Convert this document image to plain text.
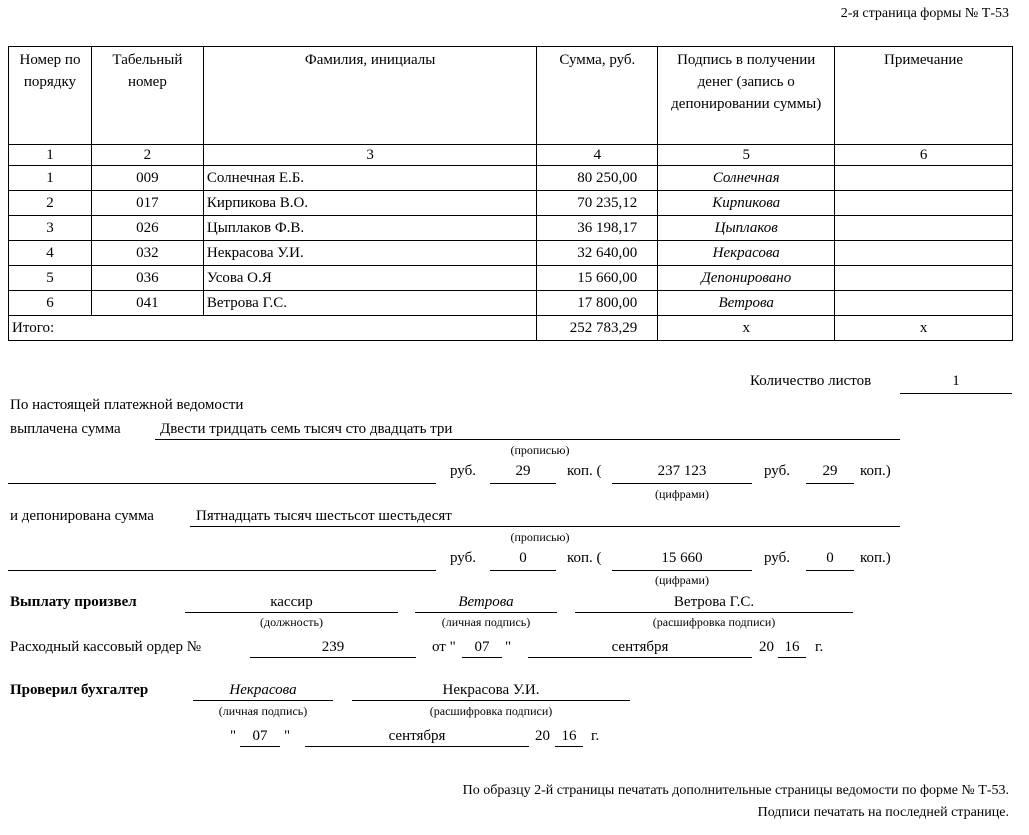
2-я страница формы № Т-53
Номер по порядку	Табельный номер	Фамилия, инициалы	Сумма, руб.	Подпись в получении денег (запись о депонировании суммы)	Примечание
1	2	3	4	5	6
1	009	Солнечная Е.Б.	80 250,00	Солнечная	
2	017	Кирпикова В.О.	70 235,12	Кирпикова	
3	026	Цыплаков Ф.В.	36 198,17	Цыплаков	
4	032	Некрасова У.И.	32 640,00	Некрасова	
5	036	Усова О.Я	15 660,00	Депонировано	
6	041	Ветрова Г.С.	17 800,00	Ветрова	
Итого:			252 783,29	х	х
Количество листов	1
По настоящей платежной ведомости
выплачена сумма	Двести тридцать семь тысяч сто двадцать три
(прописью)
руб.	29	коп. (	237 123
(цифрами)
руб.	29	коп.)
и депонирована сумма	Пятнадцать тысяч шестьсот шестьдесят
(прописью)
руб.	0	коп. (	15 660
(цифрами)
руб.	0	коп.)
Выплату произвел	кассир
(должность)
Ветрова
(личная подпись)
Ветрова Г.С.
(расшифровка подписи)
Расходный кассовый ордер №	239	от "	07	"	сентября	20 16	г.
Проверил бухгалтер	Некрасова
(личная подпись)
Некрасова У.И.
(расшифровка подписи)
"	07	"	сентября	20 16 г.
По образцу 2-й страницы печатать дополнительные страницы ведомости по форме № Т-53.
Подписи печатать на последней странице.
